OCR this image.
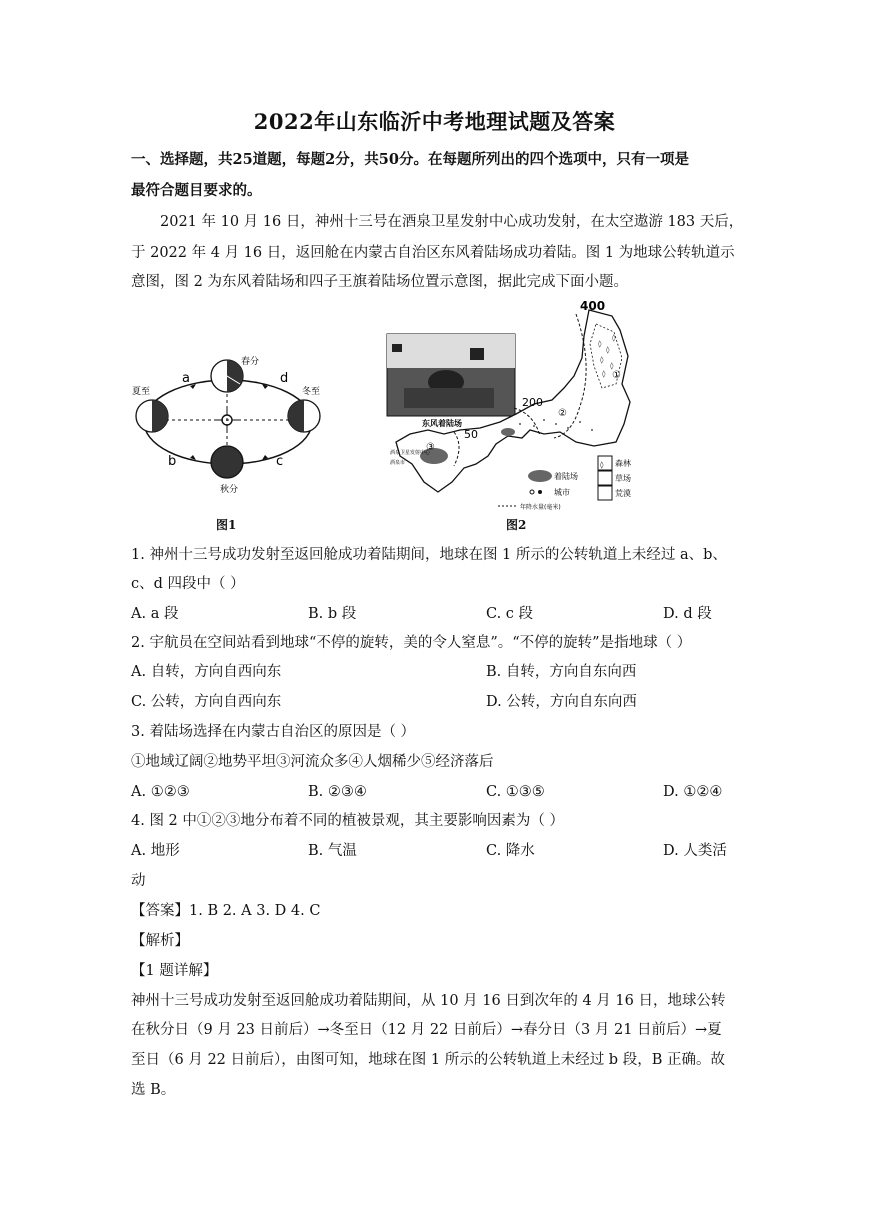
2022年山东临沂中考地理试题及答案
一、选择题，共25道题，每题2分，共50分。在每题所列出的四个选项中，只有一项是
最符合题目要求的。
2021 年 10 月 16 日，神州十三号在酒泉卫星发射中心成功发射，在太空遨游 183 天后，
于 2022 年 4 月 16 日，返回舱在内蒙古自治区东风着陆场成功着陆。图 1 为地球公转轨道示
意图，图 2 为东风着陆场和四子王旗着陆场位置示意图，据此完成下面小题。
春分
夏至	冬至
秋分
a
b	c
d
图1
◊
◊
◊
◊
◊
◊
400
200
50
东风着陆场
酒泉卫星发射中心
酒泉市
①
②
③
着陆场
城市
年降水量(毫米)
◊ 森林
草场
荒漠
图2
1. 神州十三号成功发射至返回舱成功着陆期间，地球在图 1 所示的公转轨道上未经过 a、b、
c、d 四段中（ ）
A. a 段	B. b 段	C. c 段	D. d 段
2. 宇航员在空间站看到地球“不停的旋转，美的令人窒息”。“不停的旋转”是指地球（ ）
A. 自转，方向自西向东	B. 自转，方向自东向西
C. 公转，方向自西向东	D. 公转，方向自东向西
3. 着陆场选择在内蒙古自治区的原因是（ ）
①地域辽阔②地势平坦③河流众多④人烟稀少⑤经济落后
A. ①②③	B. ②③④	C. ①③⑤	D. ①②④
4. 图 2 中①②③地分布着不同的植被景观，其主要影响因素为（ ）
A. 地形	B. 气温	C. 降水	D. 人类活
动
【答案】1. B 2. A 3. D 4. C
【解析】
【1 题详解】
神州十三号成功发射至返回舱成功着陆期间，从 10 月 16 日到次年的 4 月 16 日，地球公转
在秋分日（9 月 23 日前后）→冬至日（12 月 22 日前后）→春分日（3 月 21 日前后）→夏
至日（6 月 22 日前后），由图可知，地球在图 1 所示的公转轨道上未经过 b 段，B 正确。故
选 B。
